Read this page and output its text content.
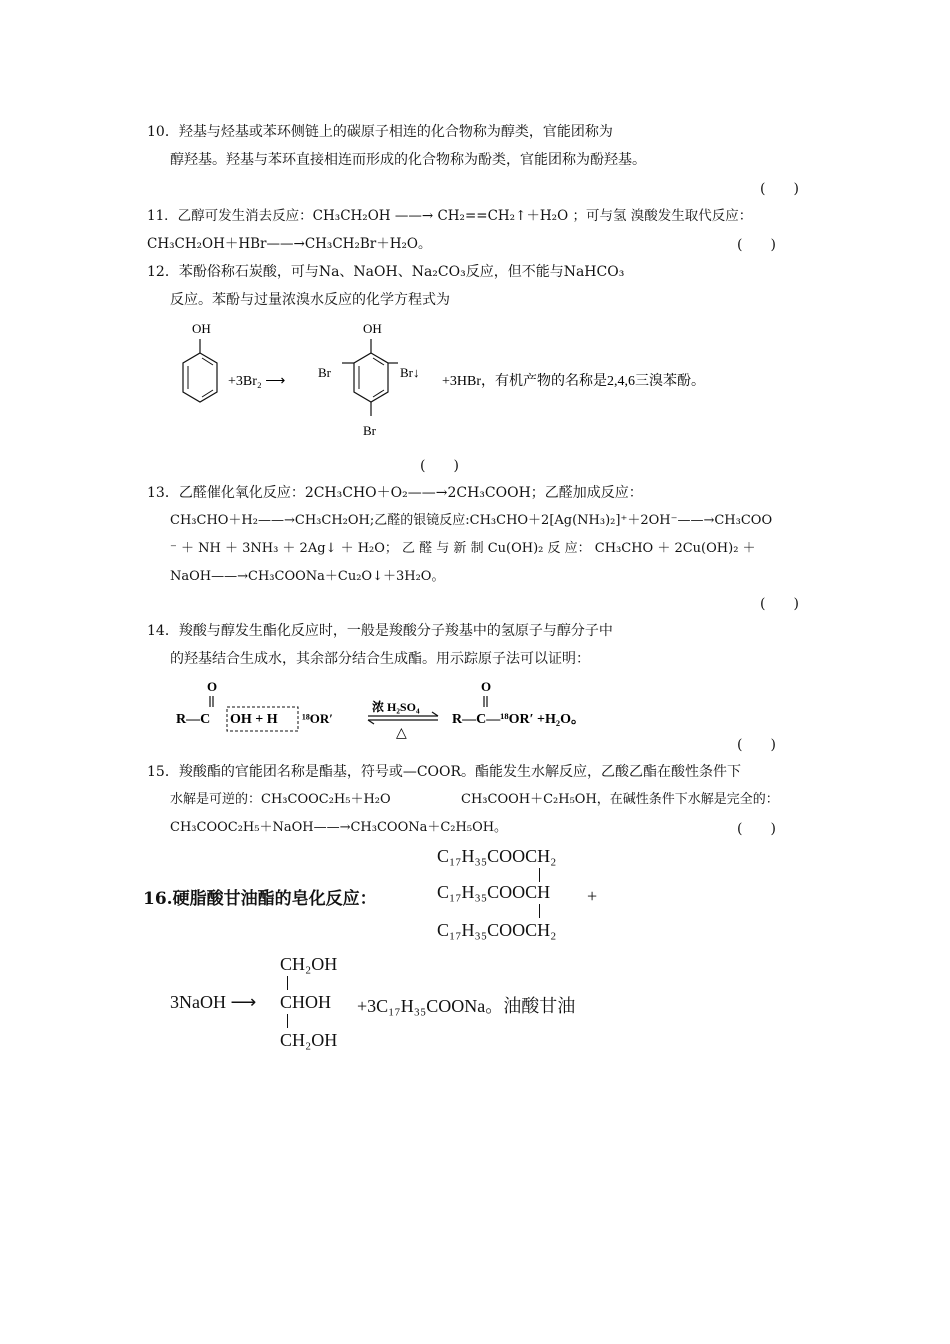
10．羟基与烃基或苯环侧链上的碳原子相连的化合物称为醇类，官能团称为
醇羟基。羟基与苯环直接相连而形成的化合物称为酚类，官能团称为酚羟基。
(　　)
11．乙醇可发生消去反应：CH₃CH₂OH ——→ CH₂==CH₂↑＋H₂O ；可与氢 溴酸发生取代反应：
CH₃CH₂OH＋HBr——→CH₃CH₂Br＋H₂O。	(　　)
12．苯酚俗称石炭酸，可与Na、NaOH、Na₂CO₃反应，但不能与NaHCO₃
反应。苯酚与过量浓溴水反应的化学方程式为
OH
+3Br₂ ⟶
OH
Br	Br↓
Br
+3HBr，有机产物的名称是2,4,6三溴苯酚。
(　　)
13．乙醛催化氧化反应：2CH₃CHO＋O₂——→2CH₃COOH；乙醛加成反应：
CH₃CHO＋H₂——→CH₃CH₂OH;乙醛的银镜反应:CH₃CHO＋2[Ag(NH₃)₂]⁺＋2OH⁻——→CH₃COO
⁻ ＋ NH ＋ 3NH₃ ＋ 2Ag↓ ＋ H₂O； 乙 醛 与 新 制 Cu(OH)₂ 反 应： CH₃CHO ＋ 2Cu(OH)₂ ＋
NaOH——→CH₃COONa＋Cu₂O↓＋3H₂O。
(　　)
14．羧酸与醇发生酯化反应时，一般是羧酸分子羧基中的氢原子与醇分子中
的羟基结合生成水，其余部分结合生成酯。用示踪原子法可以证明：
O
R—C OH + H ¹⁸OR′
浓 H₂SO₄
△
O
R—C—¹⁸OR′ +H₂O。
(　　)
15．羧酸酯的官能团名称是酯基，符号或—COOR。酯能发生水解反应，乙酸乙酯在酸性条件下
水解是可逆的：CH₃COOC₂H₅＋H₂O	CH₃COOH＋C₂H₅OH，在碱性条件下水解是完全的：
CH₃COOC₂H₅＋NaOH——→CH₃COONa＋C₂H₅OH。	(　　)
C₁₇H₃₅COOCH₂
16.硬脂酸甘油酯的皂化反应：	C₁₇H₃₅COOCH +
C₁₇H₃₅COOCH₂
CH₂OH
3NaOH ⟶ CHOH +3C₁₇H₃₅COONa。油酸甘油
CH₂OH
